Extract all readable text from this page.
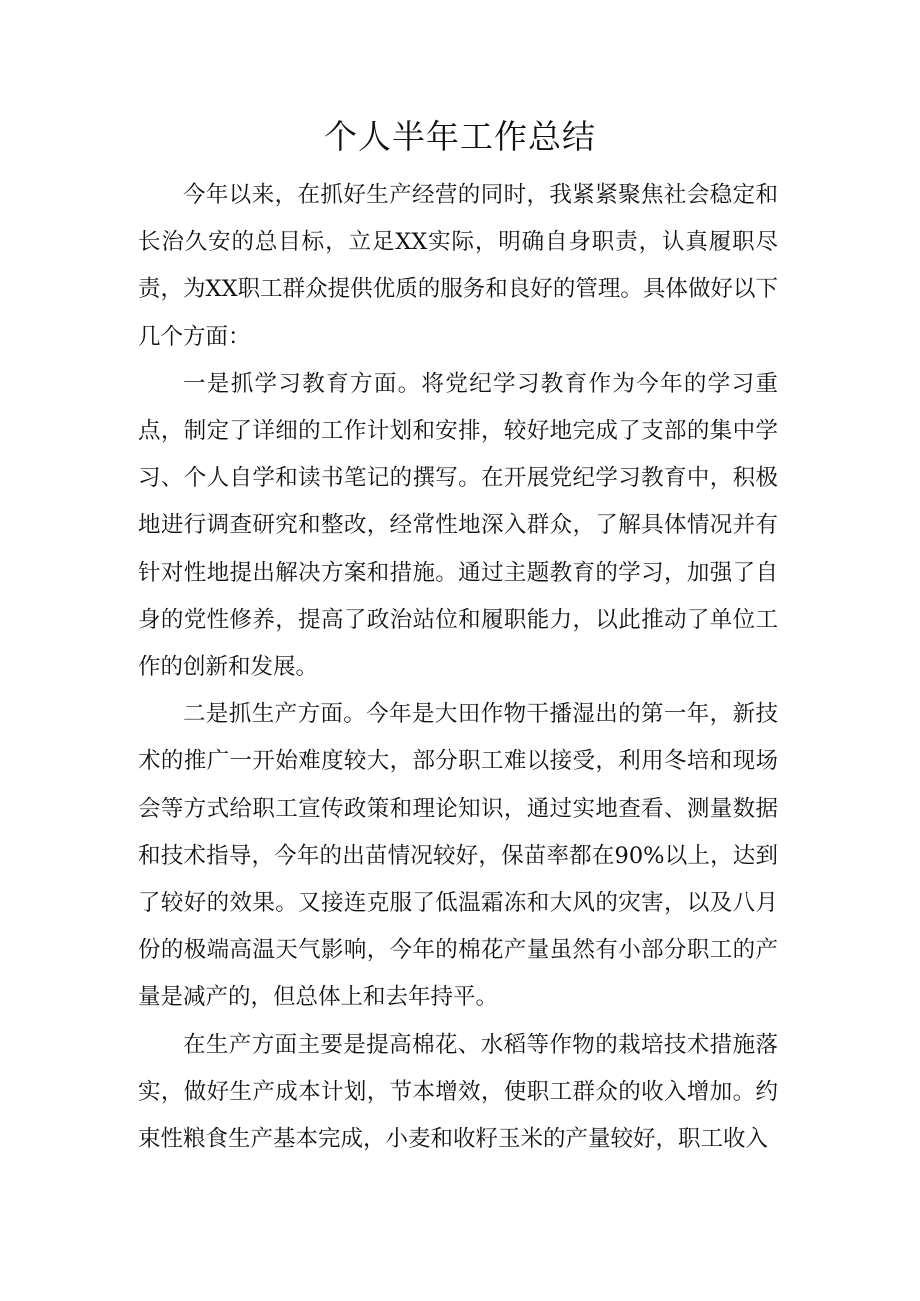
个人半年工作总结

今年以来，在抓好生产经营的同时，我紧紧聚焦社会稳定和长治久安的总目标，立足XX实际，明确自身职责，认真履职尽责，为XX职工群众提供优质的服务和良好的管理。具体做好以下几个方面：

一是抓学习教育方面。将党纪学习教育作为今年的学习重点，制定了详细的工作计划和安排，较好地完成了支部的集中学习、个人自学和读书笔记的撰写。在开展党纪学习教育中，积极地进行调查研究和整改，经常性地深入群众，了解具体情况并有针对性地提出解决方案和措施。通过主题教育的学习，加强了自身的党性修养，提高了政治站位和履职能力，以此推动了单位工作的创新和发展。

二是抓生产方面。今年是大田作物干播湿出的第一年，新技术的推广一开始难度较大，部分职工难以接受，利用冬培和现场会等方式给职工宣传政策和理论知识，通过实地查看、测量数据和技术指导，今年的出苗情况较好，保苗率都在90%以上，达到了较好的效果。又接连克服了低温霜冻和大风的灾害，以及八月份的极端高温天气影响，今年的棉花产量虽然有小部分职工的产量是减产的，但总体上和去年持平。

在生产方面主要是提高棉花、水稻等作物的栽培技术措施落实，做好生产成本计划，节本增效，使职工群众的收入增加。约束性粮食生产基本完成，小麦和收籽玉米的产量较好，职工收入
